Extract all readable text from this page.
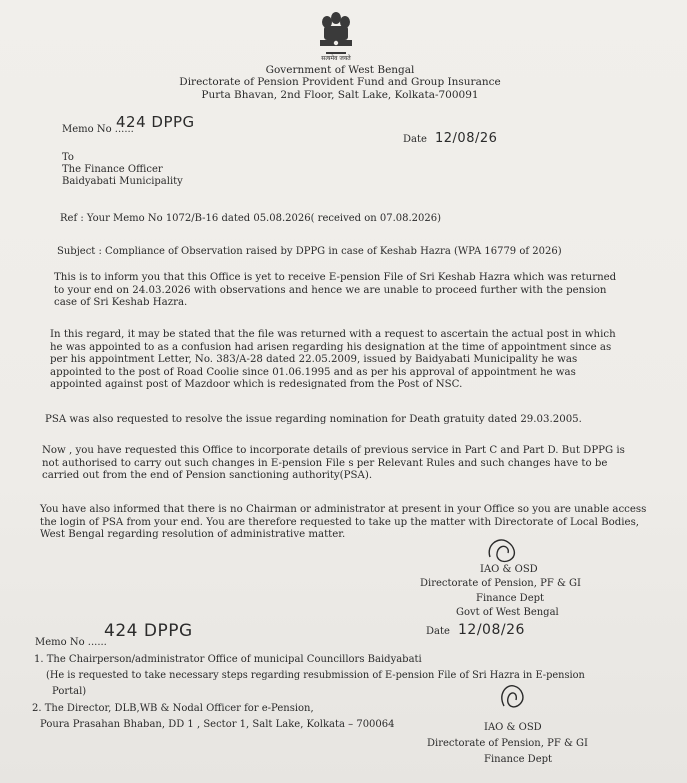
सत्यमेव जयते
Government of West Bengal
Directorate of Pension Provident Fund and Group Insurance
Purta Bhavan, 2nd Floor, Salt Lake, Kolkata-700091
Memo No ......
424 DPPG
Date 12/08/26
To
The Finance Officer
Baidyabati Municipality
Ref : Your Memo No 1072/B-16 dated 05.08.2026( received on 07.08.2026)
Subject : Compliance of Observation raised by DPPG in case of Keshab Hazra (WPA 16779 of 2026)
This is to inform you that this Office is yet to receive E-pension File of Sri Keshab Hazra which was returned to your end on 24.03.2026 with observations and hence we are unable to proceed further with the pension case of Sri Keshab Hazra.
In this regard, it may be stated that the file was returned with a request to ascertain the actual post in which he was appointed to as a confusion had arisen regarding his designation at the time of appointment since as per his appointment Letter, No. 383/A-28 dated 22.05.2009, issued by Baidyabati Municipality he was appointed to the post of Road Coolie since 01.06.1995 and as per his approval of appointment he was appointed against post of Mazdoor which is redesignated from the Post of NSC.
PSA was also requested to resolve the issue regarding nomination for Death gratuity dated 29.03.2005.
Now , you have requested this Office to incorporate details of previous service in Part C and Part D. But DPPG is not authorised to carry out such changes in E-pension File s per Relevant Rules and such changes have to be carried out from the end of Pension sanctioning authority(PSA).
You have also informed that there is no Chairman or administrator at present in your Office so you are unable access the login of PSA from your end. You are therefore requested to take up the matter with Directorate of Local Bodies, West Bengal regarding resolution of administrative matter.
IAO & OSD
Directorate of Pension, PF & GI
Finance Dept
Govt of West Bengal
Memo No ......
424 DPPG	Date 12/08/26
1. The Chairperson/administrator Office of municipal Councillors Baidyabati
(He is requested to take necessary steps regarding resubmission of E-pension File of Sri Hazra in E-pension
Portal)
2. The Director, DLB,WB & Nodal Officer for e-Pension,
Poura Prasahan Bhaban, DD 1 , Sector 1, Salt Lake, Kolkata – 700064	IAO & OSD
Directorate of Pension, PF & GI
Finance Dept
